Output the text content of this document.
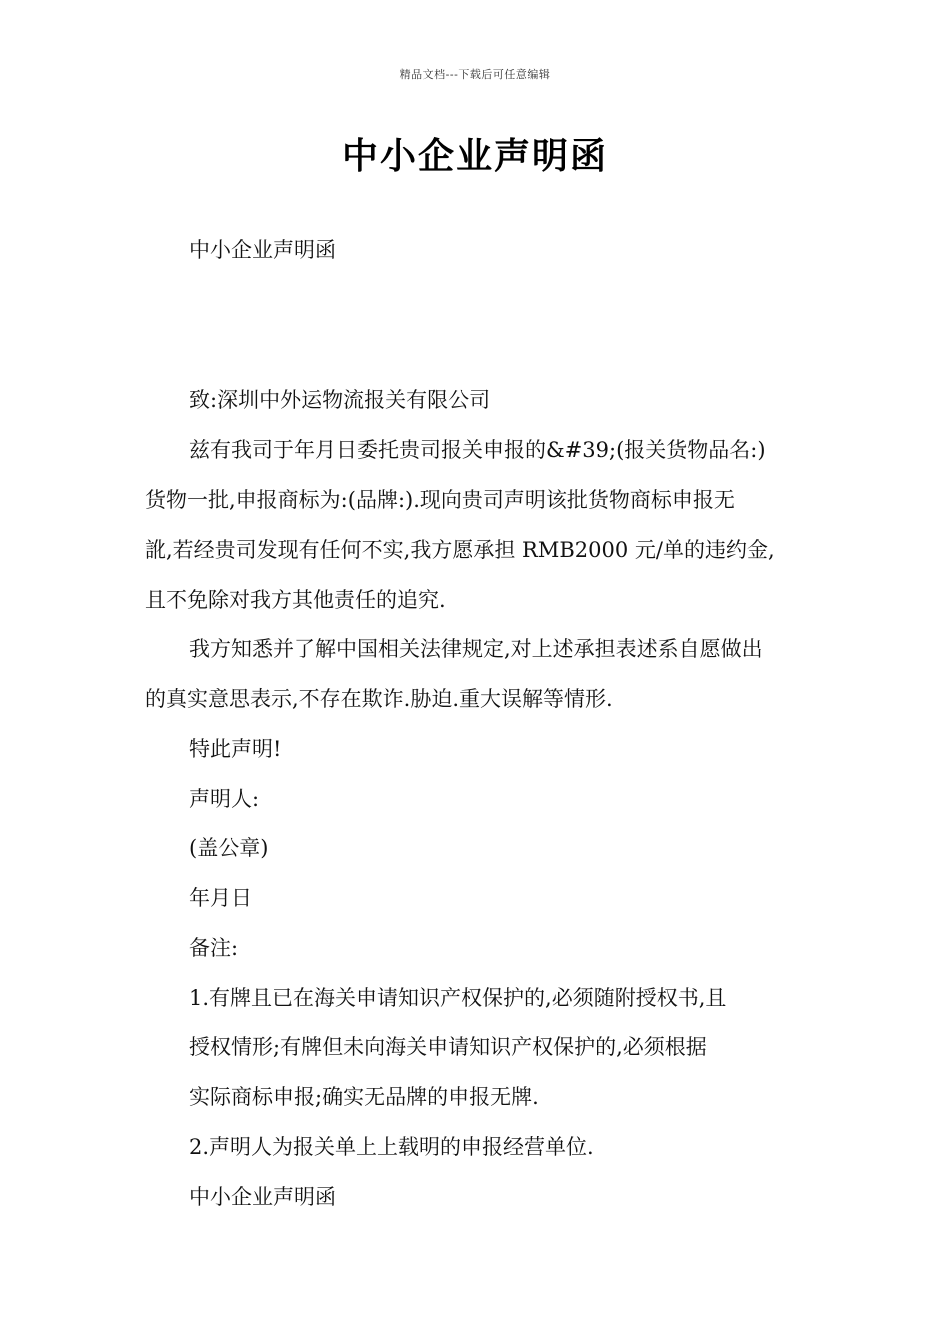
精品文档---下载后可任意编辑
中小企业声明函
中小企业声明函
致:深圳中外运物流报关有限公司
兹有我司于年月日委托贵司报关申报的&#39;(报关货物品名:)
货物一批,申报商标为:(品牌:).现向贵司声明该批货物商标申报无
訛,若经贵司发现有任何不实,我方愿承担 RMB2000 元/单的违约金,
且不免除对我方其他责任的追究.
我方知悉并了解中国相关法律规定,对上述承担表述系自愿做出
的真实意思表示,不存在欺诈.胁迫.重大误解等情形.
特此声明!
声明人:
(盖公章)
年月日
备注:
1.有牌且已在海关申请知识产权保护的,必须随附授权书,且
授权情形;有牌但未向海关申请知识产权保护的,必须根据
实际商标申报;确实无品牌的申报无牌.
2.声明人为报关单上上载明的申报经营单位.
中小企业声明函
